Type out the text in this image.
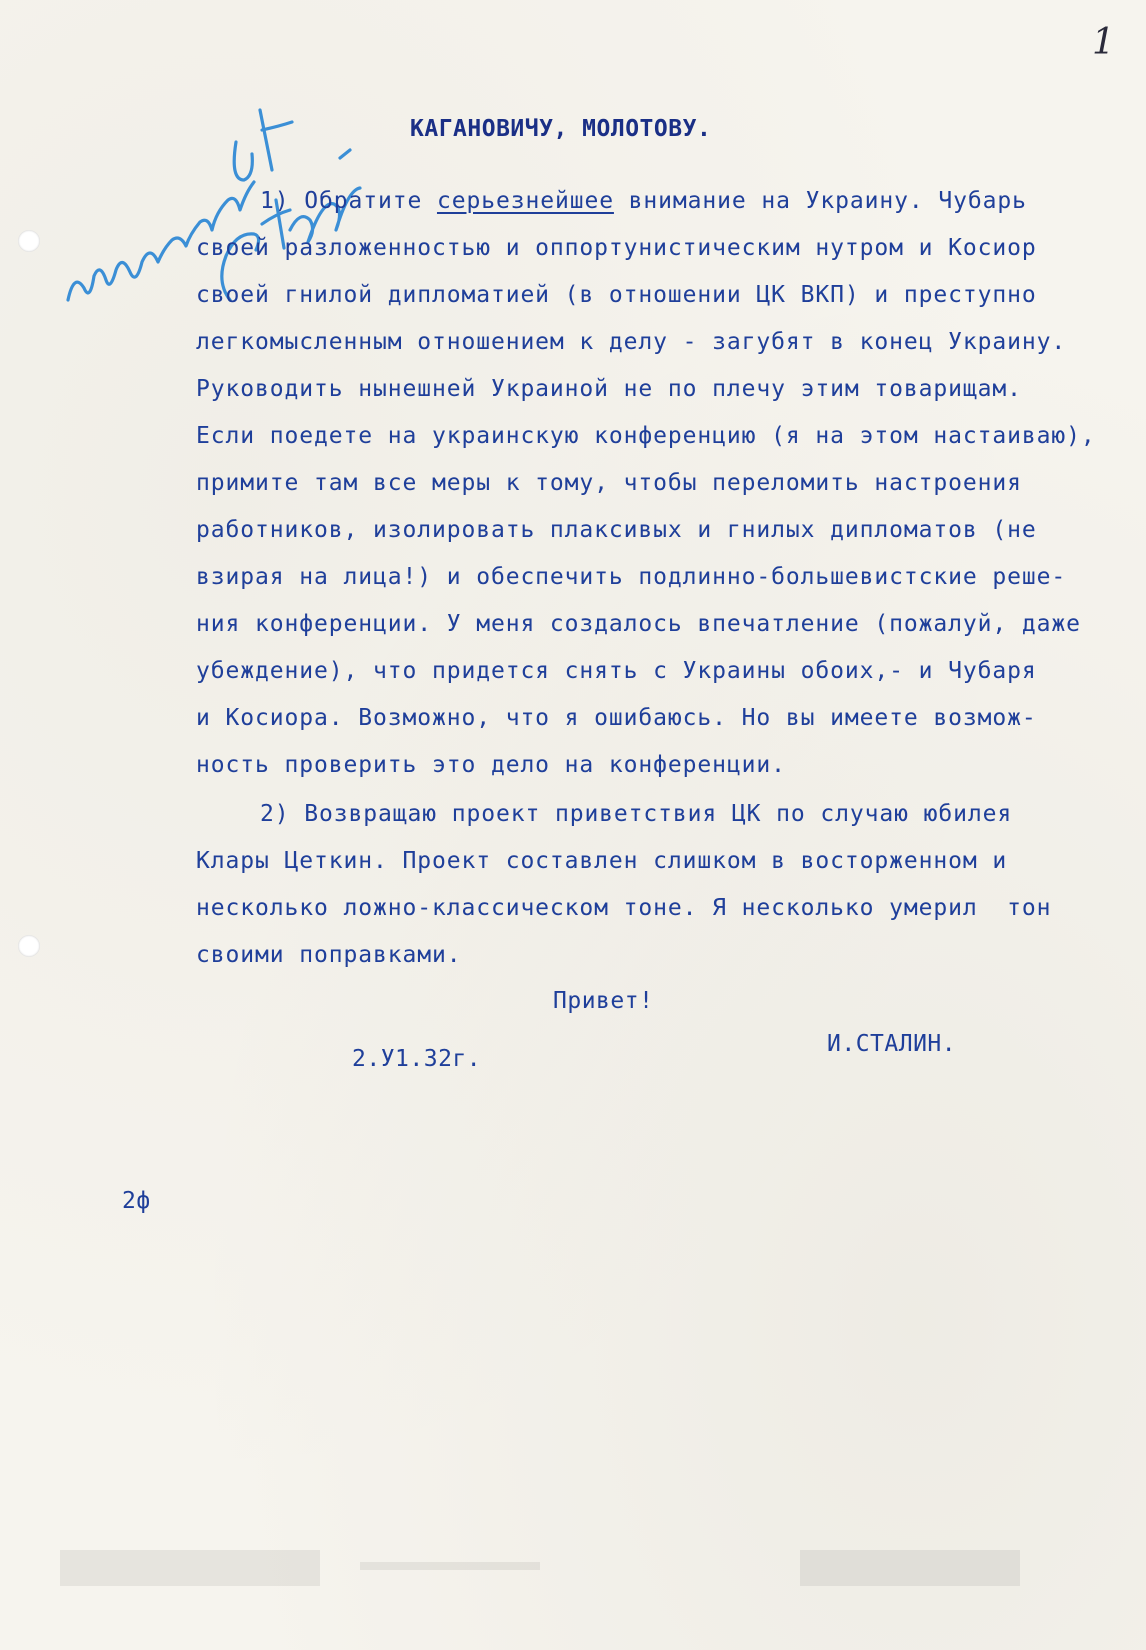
1
КАГАНОВИЧУ, МОЛОТОВУ.
1) Обратите серьезнейшее внимание на Украину. Чубарь
своей разложенностью и оппортунистическим нутром и Косиор
своей гнилой дипломатией (в отношении ЦК ВКП) и преступно
легкомысленным отношением к делу - загубят в конец Украину.
Руководить нынешней Украиной не по плечу этим товарищам.
Если поедете на украинскую конференцию (я на этом настаиваю),
примите там все меры к тому, чтобы переломить настроения
работников, изолировать плаксивых и гнилых дипломатов (не
взирая на лица!) и обеспечить подлинно-большевистские реше-
ния конференции. У меня создалось впечатление (пожалуй, даже
убеждение), что придется снять с Украины обоих,- и Чубаря
и Косиора. Возможно, что я ошибаюсь. Но вы имеете возмож-
ность проверить это дело на конференции.
2) Возвращаю проект приветствия ЦК по случаю юбилея
Клары Цеткин. Проект составлен слишком в восторженном и
несколько ложно-классическом тоне. Я несколько умерил  тон
своими поправками.
Привет!
2.У1.32г.
И.СТАЛИН.
2ф
